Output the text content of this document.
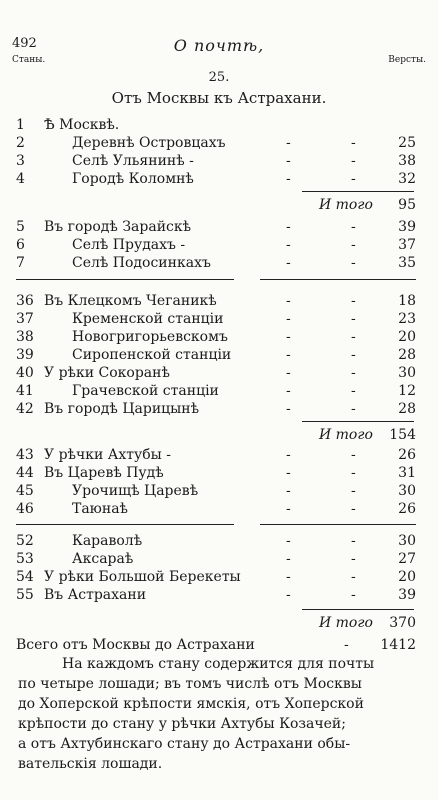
492	О почтѣ,
Станы.	Версты.
25.
Отъ Москвы къ Астрахани.
1	Ѣ Москвѣ.
2	Деревнѣ Островцахъ	-	-	25
3	Селѣ Ульянинѣ -	-	-	38
4	Городѣ Коломнѣ	-	-	32
И того 95
5	Въ городѣ Зарайскѣ	-	-	39
6	Селѣ Прудахъ -	-	-	37
7	Селѣ Подосинкахъ	-	-	35
36 Въ Клецкомъ Чеганикѣ	-	-	18
37	Кременской станціи	-	-	23
38	Новогригорьевскомъ	-	-	20
39	Сиропенской станціи	-	-	28
40 У рѣки Сокоранѣ	-	-	30
41	Грачевской станціи	-	-	12
42 Въ городѣ Царицынѣ	-	-	28
И того 154
43 У рѣчки Ахтубы -	-	-	26
44 Въ Царевѣ Пудѣ	-	-	31
45	Урочищѣ Царевѣ	-	-	30
46	Таюнаѣ	-	-	26
52	Караволѣ	-	-	30
53	Аксараѣ	-	-	27
54 У рѣки Большой Берекеты	-	-	20
55 Въ Астрахани	-	-	39
И того 370
Всего отъ Москвы до Астрахани	- 1412
На каждомъ стану содержится для почты
по четыре лошади; въ томъ числѣ отъ Москвы
до Хоперской крѣпости ямскія, отъ Хоперской
крѣпости до стану у рѣчки Ахтубы Козачей;
а отъ Ахтубинскаго стану до Астрахани обы-
вательскія лошади.
